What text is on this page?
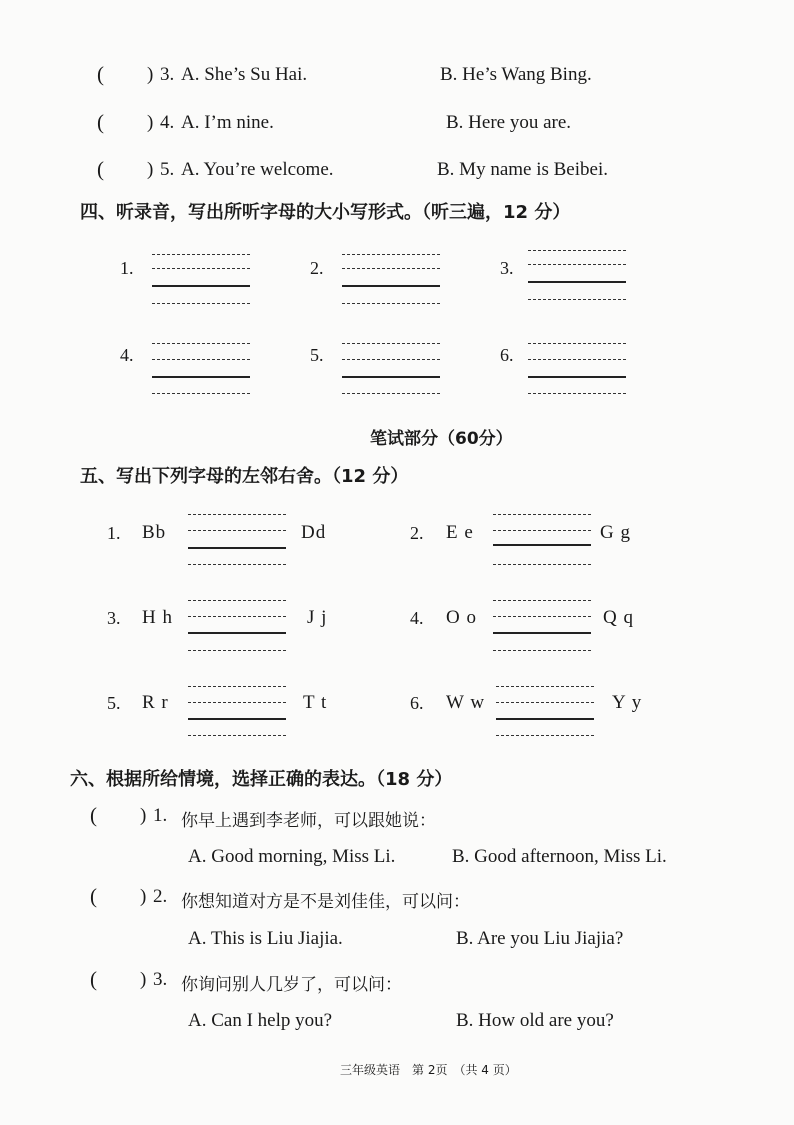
( ) 3. A. She’s Su Hai.	B. He’s Wang Bing.
( ) 4. A. I’m nine.	B. Here you are.
( ) 5. A. You’re welcome.	B. My name is Beibei.
四、听录音，写出所听字母的大小写形式。（听三遍，12 分）
1.	2.	3.
4.	5.	6.
笔试部分（60分）
五、写出下列字母的左邻右舍。（12 分）
1. Bb	Dd	2. E e	G g
3. H h	J j	4. O o	Q q
5. R r	T t	6. W w	Y y
六、根据所给情境，选择正确的表达。（18 分）
( ) 1. 你早上遇到李老师，可以跟她说：
A. Good morning, Miss Li.	B. Good afternoon, Miss Li.
( ) 2. 你想知道对方是不是刘佳佳，可以问：
A. This is Liu Jiajia.	B. Are you Liu Jiajia?
( ) 3. 你询问别人几岁了，可以问：
A. Can I help you?	B. How old are you?
三年级英语　第 2页　（共 4 页）
